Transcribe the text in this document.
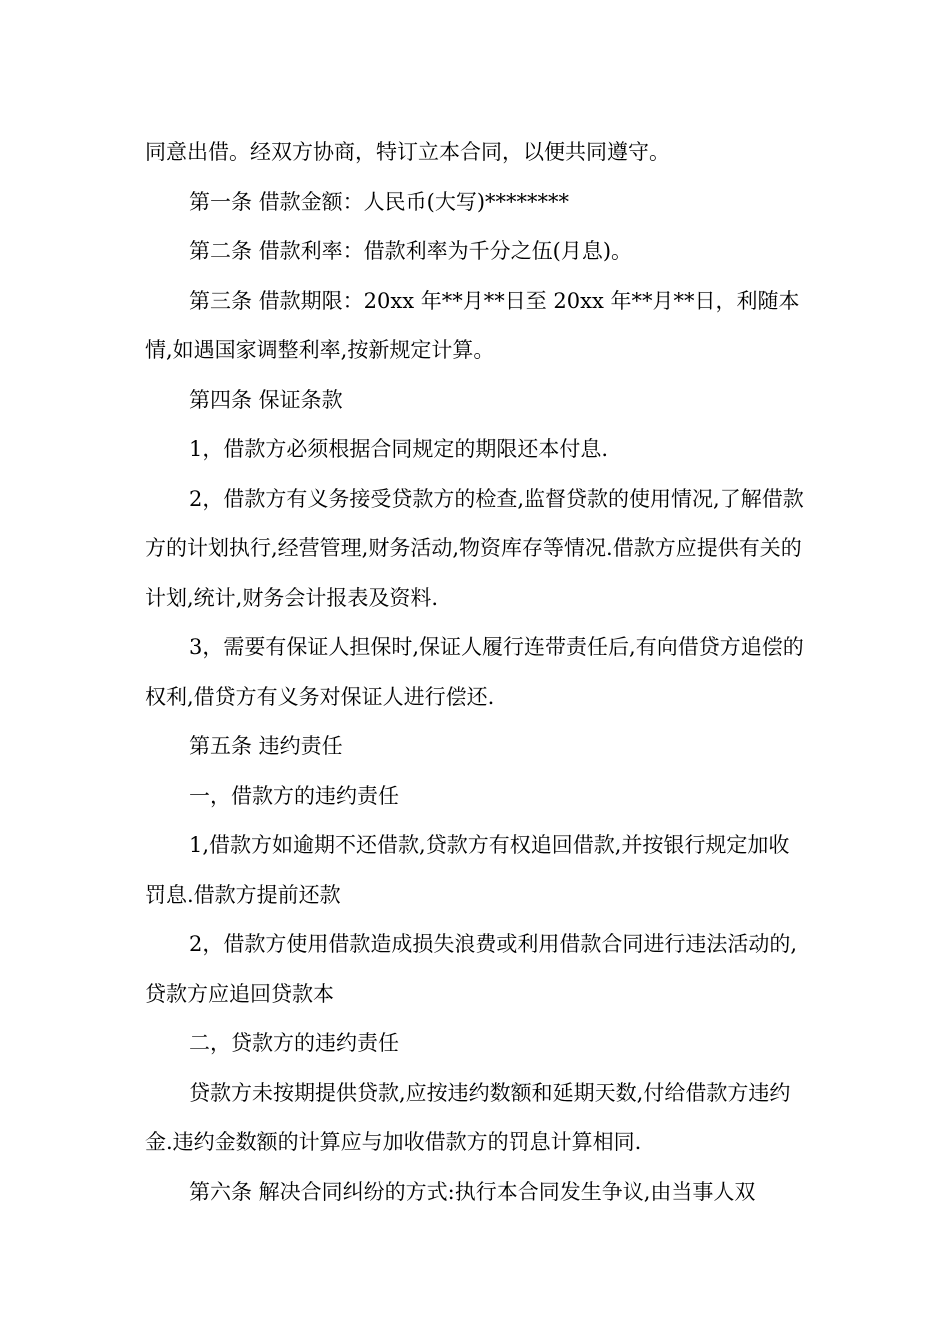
同意出借。经双方协商，特订立本合同，以便共同遵守。

第一条 借款金额：人民币(大写)********

第二条 借款利率：借款利率为千分之伍(月息)。

第三条 借款期限：20xx 年**月**日至 20xx 年**月**日，利随本情,如遇国家调整利率,按新规定计算。

第四条 保证条款

1，借款方必须根据合同规定的期限还本付息.

2，借款方有义务接受贷款方的检查,监督贷款的使用情况,了解借款方的计划执行,经营管理,财务活动,物资库存等情况.借款方应提供有关的计划,统计,财务会计报表及资料.

3，需要有保证人担保时,保证人履行连带责任后,有向借贷方追偿的权利,借贷方有义务对保证人进行偿还.

第五条 违约责任

一，借款方的违约责任

1,借款方如逾期不还借款,贷款方有权追回借款,并按银行规定加收罚息.借款方提前还款

2，借款方使用借款造成损失浪费或利用借款合同进行违法活动的,贷款方应追回贷款本

二，贷款方的违约责任

贷款方未按期提供贷款,应按违约数额和延期天数,付给借款方违约金.违约金数额的计算应与加收借款方的罚息计算相同.

第六条 解决合同纠纷的方式:执行本合同发生争议,由当事人双
